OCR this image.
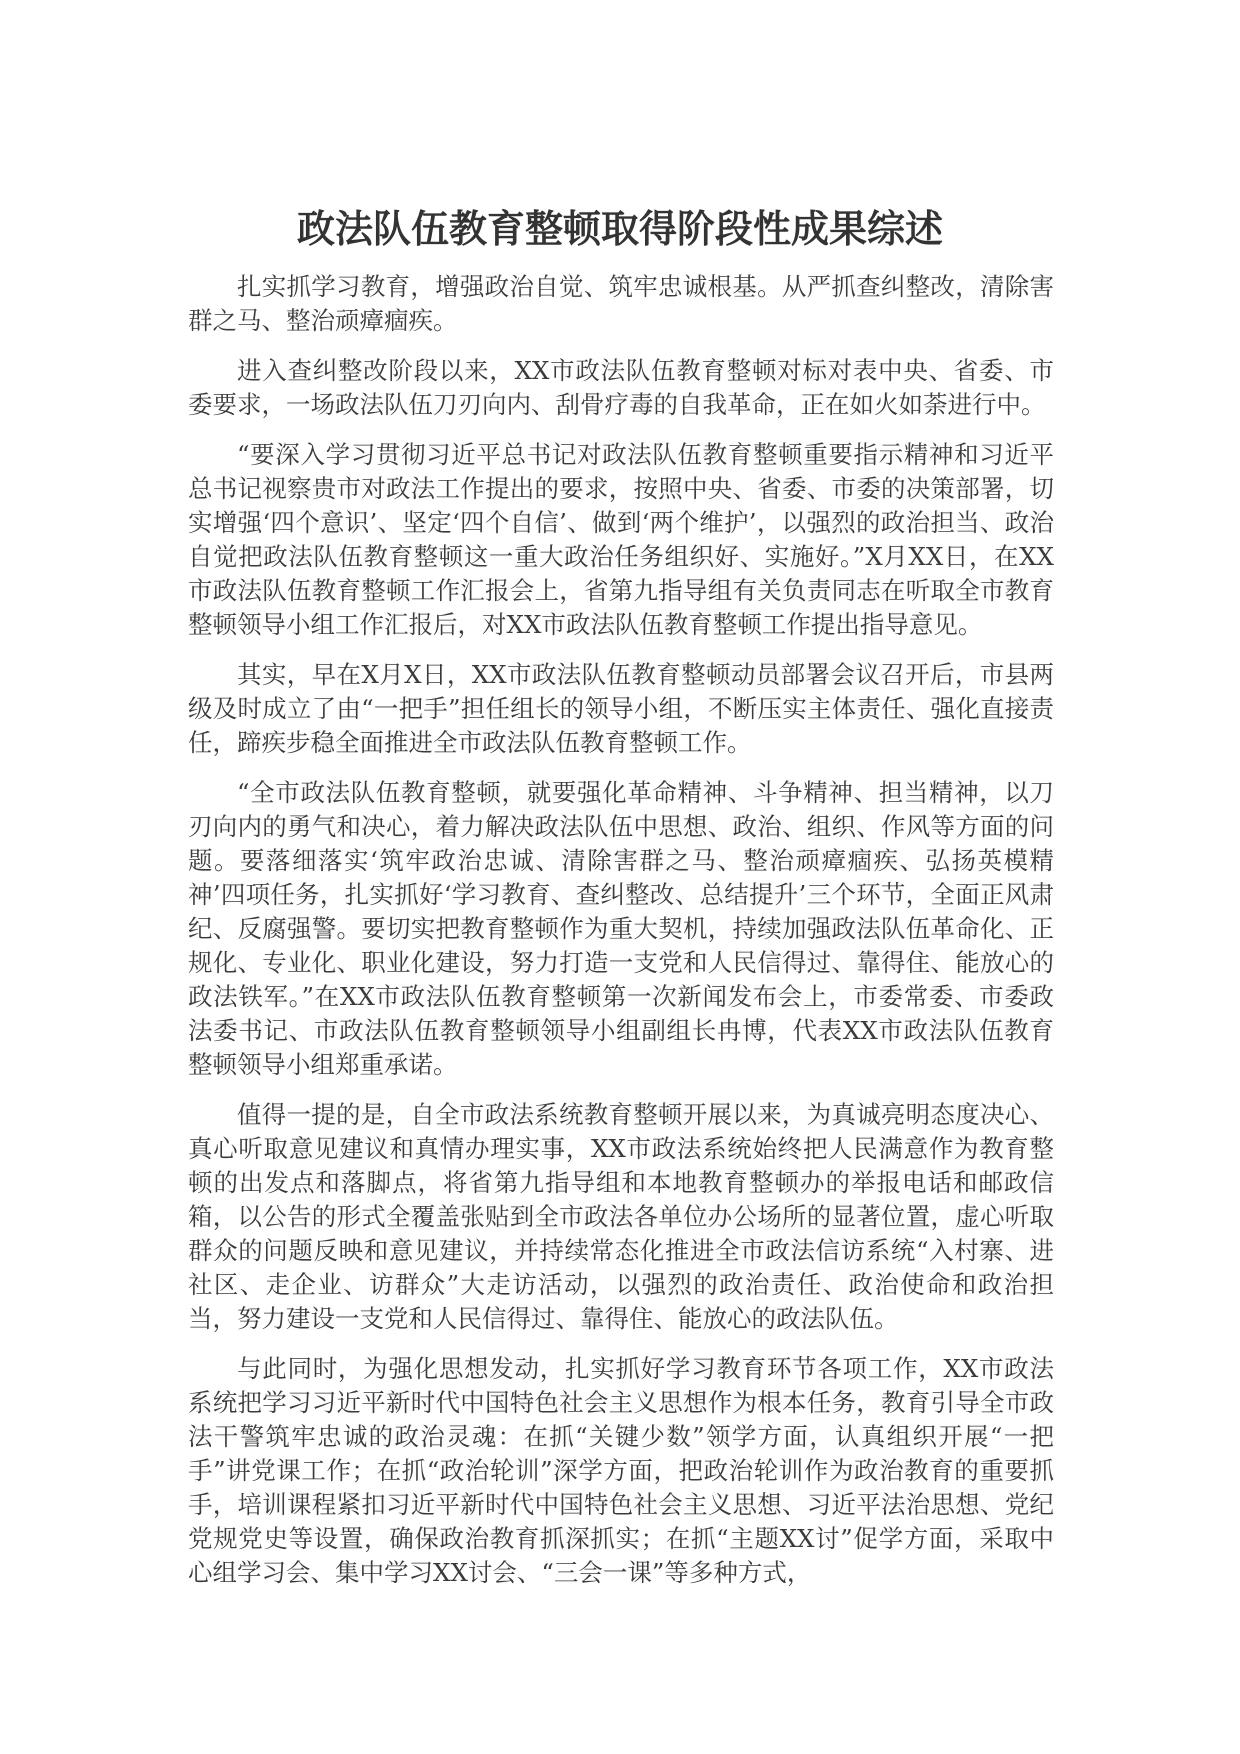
政法队伍教育整顿取得阶段性成果综述

扎实抓学习教育，增强政治自觉、筑牢忠诚根基。从严抓查纠整改，清除害群之马、整治顽瘴痼疾。

进入查纠整改阶段以来，XX市政法队伍教育整顿对标对表中央、省委、市委要求，一场政法队伍刀刃向内、刮骨疗毒的自我革命，正在如火如荼进行中。

“要深入学习贯彻习近平总书记对政法队伍教育整顿重要指示精神和习近平总书记视察贵市对政法工作提出的要求，按照中央、省委、市委的决策部署，切实增强‘四个意识’、坚定‘四个自信’、做到‘两个维护’，以强烈的政治担当、政治自觉把政法队伍教育整顿这一重大政治任务组织好、实施好。”X月XX日，在XX市政法队伍教育整顿工作汇报会上，省第九指导组有关负责同志在听取全市教育整顿领导小组工作汇报后，对XX市政法队伍教育整顿工作提出指导意见。

其实，早在X月X日，XX市政法队伍教育整顿动员部署会议召开后，市县两级及时成立了由“一把手”担任组长的领导小组，不断压实主体责任、强化直接责任，蹄疾步稳全面推进全市政法队伍教育整顿工作。

“全市政法队伍教育整顿，就要强化革命精神、斗争精神、担当精神，以刀刃向内的勇气和决心，着力解决政法队伍中思想、政治、组织、作风等方面的问题。要落细落实‘筑牢政治忠诚、清除害群之马、整治顽瘴痼疾、弘扬英模精神’四项任务，扎实抓好‘学习教育、查纠整改、总结提升’三个环节，全面正风肃纪、反腐强警。要切实把教育整顿作为重大契机，持续加强政法队伍革命化、正规化、专业化、职业化建设，努力打造一支党和人民信得过、靠得住、能放心的政法铁军。”在XX市政法队伍教育整顿第一次新闻发布会上，市委常委、市委政法委书记、市政法队伍教育整顿领导小组副组长冉博，代表XX市政法队伍教育整顿领导小组郑重承诺。

值得一提的是，自全市政法系统教育整顿开展以来，为真诚亮明态度决心、真心听取意见建议和真情办理实事，XX市政法系统始终把人民满意作为教育整顿的出发点和落脚点，将省第九指导组和本地教育整顿办的举报电话和邮政信箱，以公告的形式全覆盖张贴到全市政法各单位办公场所的显著位置，虚心听取群众的问题反映和意见建议，并持续常态化推进全市政法信访系统“入村寨、进社区、走企业、访群众”大走访活动，以强烈的政治责任、政治使命和政治担当，努力建设一支党和人民信得过、靠得住、能放心的政法队伍。

与此同时，为强化思想发动，扎实抓好学习教育环节各项工作，XX市政法系统把学习习近平新时代中国特色社会主义思想作为根本任务，教育引导全市政法干警筑牢忠诚的政治灵魂：在抓“关键少数”领学方面，认真组织开展“一把手”讲党课工作；在抓“政治轮训”深学方面，把政治轮训作为政治教育的重要抓手，培训课程紧扣习近平新时代中国特色社会主义思想、习近平法治思想、党纪党规党史等设置，确保政治教育抓深抓实；在抓“主题XX讨”促学方面，采取中心组学习会、集中学习XX讨会、“三会一课”等多种方式，
